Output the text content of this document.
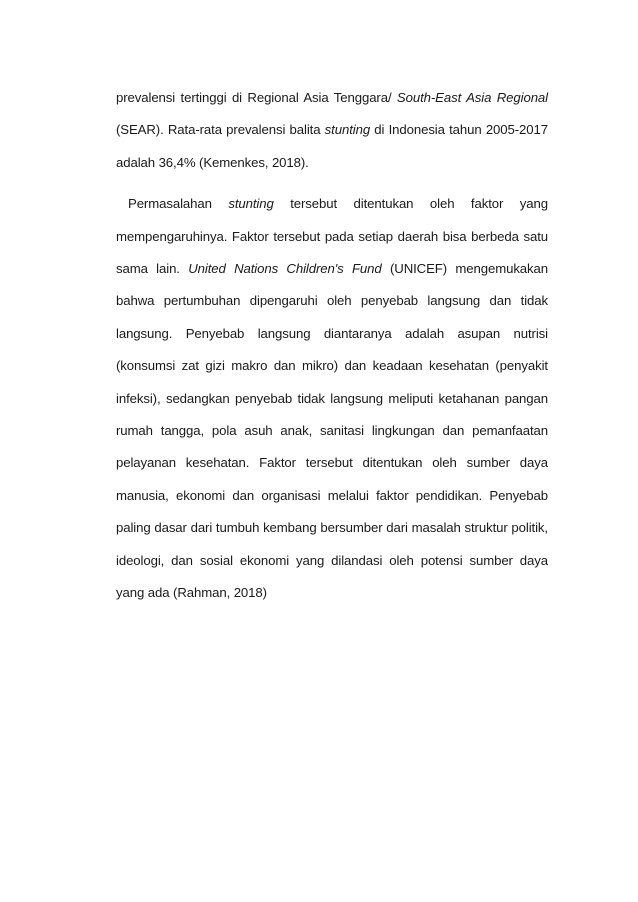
prevalensi tertinggi di Regional Asia Tenggara/ South-East Asia Regional (SEAR). Rata-rata prevalensi balita stunting di Indonesia tahun 2005-2017 adalah 36,4% (Kemenkes, 2018).

Permasalahan stunting tersebut ditentukan oleh faktor yang mempengaruhinya. Faktor tersebut pada setiap daerah bisa berbeda satu sama lain. United Nations Children's Fund (UNICEF) mengemukakan bahwa pertumbuhan dipengaruhi oleh penyebab langsung dan tidak langsung. Penyebab langsung diantaranya adalah asupan nutrisi (konsumsi zat gizi makro dan mikro) dan keadaan kesehatan (penyakit infeksi), sedangkan penyebab tidak langsung meliputi ketahanan pangan rumah tangga, pola asuh anak, sanitasi lingkungan dan pemanfaatan pelayanan kesehatan. Faktor tersebut ditentukan oleh sumber daya manusia, ekonomi dan organisasi melalui faktor pendidikan. Penyebab paling dasar dari tumbuh kembang bersumber dari masalah struktur politik, ideologi, dan sosial ekonomi yang dilandasi oleh potensi sumber daya yang ada (Rahman, 2018)
